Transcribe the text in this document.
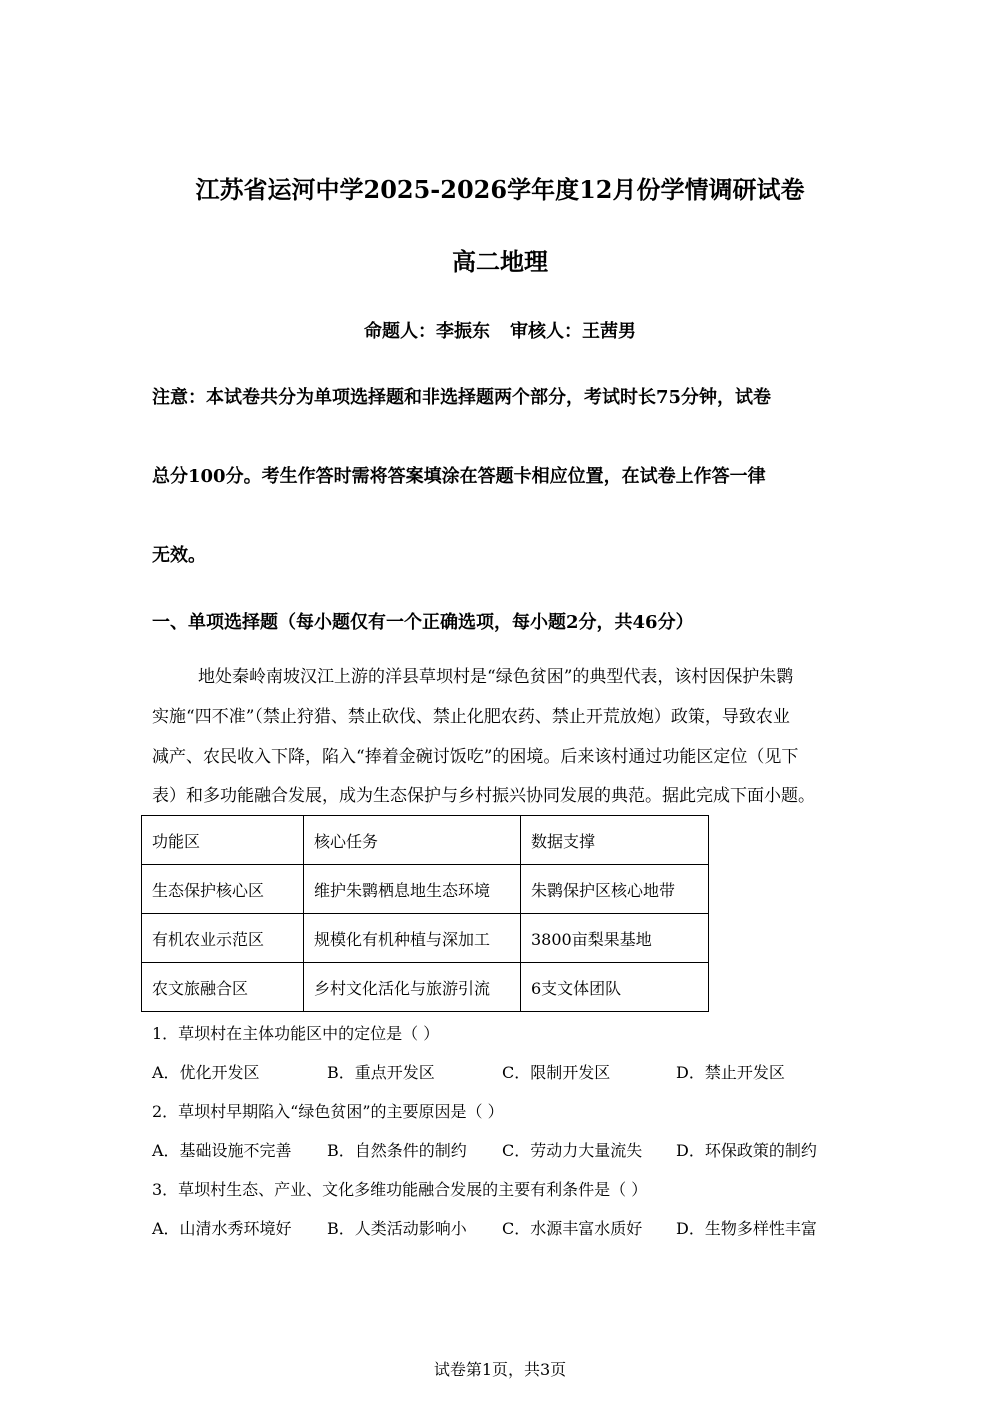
江苏省运河中学2025-2026学年度12月份学情调研试卷
高二地理
命题人：李振东 审核人：王茜男
注意：本试卷共分为单项选择题和非选择题两个部分，考试时长75分钟，试卷
总分100分。考生作答时需将答案填涂在答题卡相应位置，在试卷上作答一律
无效。
一、单项选择题（每小题仅有一个正确选项，每小题2分，共46分）
地处秦岭南坡汉江上游的洋县草坝村是“绿色贫困”的典型代表，该村因保护朱鹮
实施“四不准”（禁止狩猎、禁止砍伐、禁止化肥农药、禁止开荒放炮）政策，导致农业
减产、农民收入下降，陷入“捧着金碗讨饭吃”的困境。后来该村通过功能区定位（见下
表）和多功能融合发展，成为生态保护与乡村振兴协同发展的典范。据此完成下面小题。
功能区	核心任务	数据支撑
生态保护核心区	维护朱鹮栖息地生态环境	朱鹮保护区核心地带
有机农业示范区	规模化有机种植与深加工	3800亩梨果基地
农文旅融合区	乡村文化活化与旅游引流	6支文体团队
1．草坝村在主体功能区中的定位是（ ）
A．优化开发区	B．重点开发区	C．限制开发区	D．禁止开发区
2．草坝村早期陷入“绿色贫困”的主要原因是（ ）
A．基础设施不完善 B．自然条件的制约 C．劳动力大量流失 D．环保政策的制约
3．草坝村生态、产业、文化多维功能融合发展的主要有利条件是（ ）
A．山清水秀环境好 B．人类活动影响小 C．水源丰富水质好 D．生物多样性丰富
试卷第1页，共3页
